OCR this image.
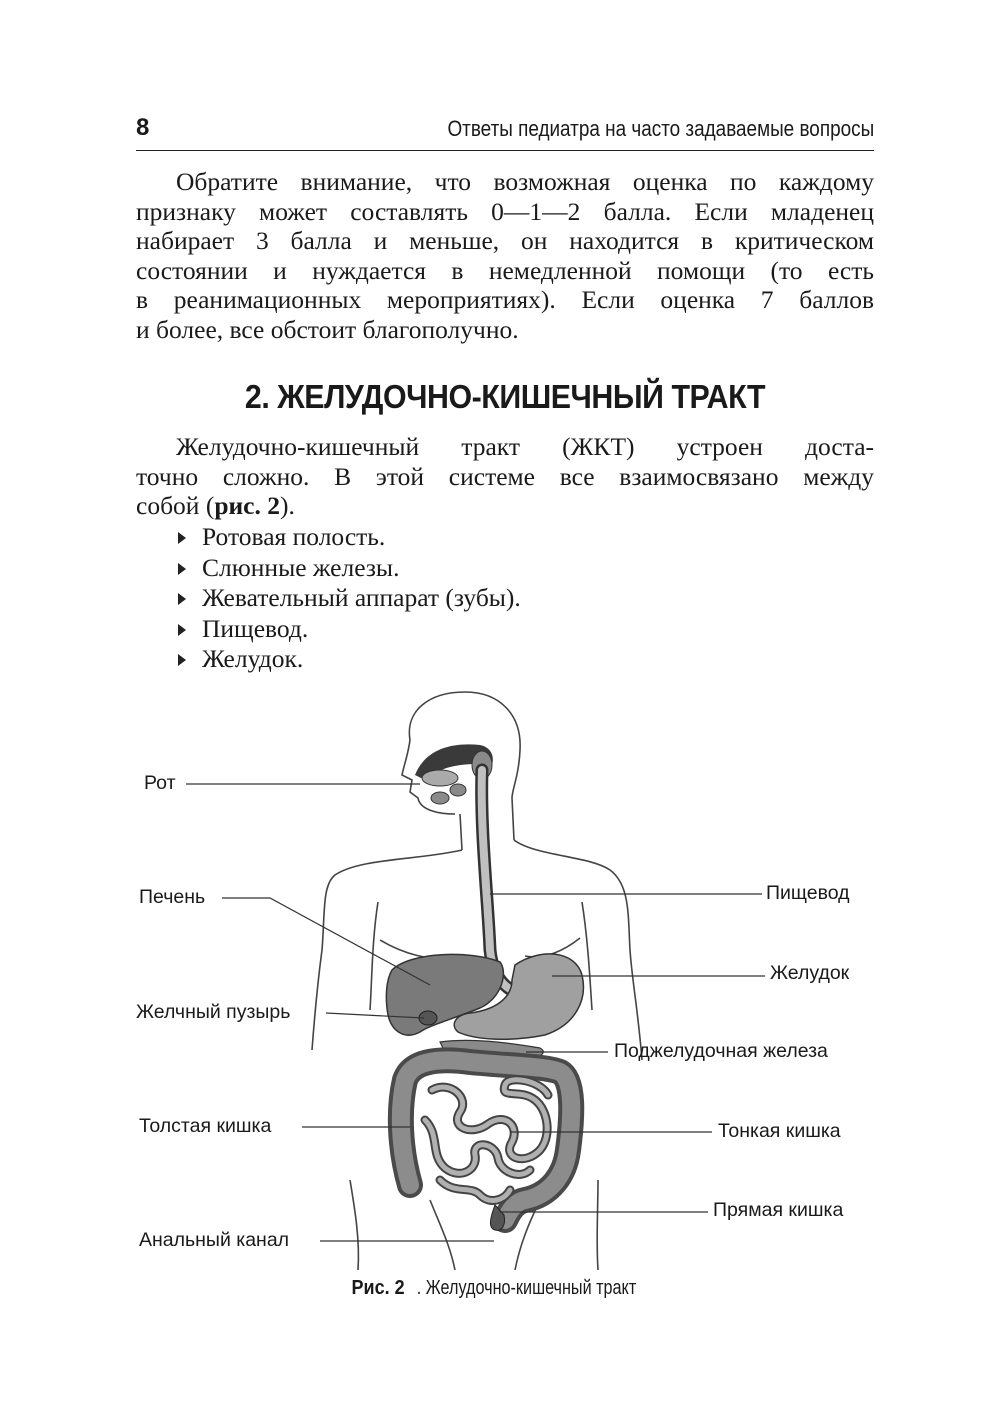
8	Ответы педиатра на часто задаваемые вопросы
Обратите внимание, что возможная оценка по каждому
признаку может составлять 0—1—2 балла. Если младенец
набирает 3 балла и меньше, он находится в критическом
состоянии и нуждается в немедленной помощи (то есть
в реанимационных мероприятиях). Если оценка 7 баллов
и более, все обстоит благополучно.
2. ЖЕЛУДОЧНО-КИШЕЧНЫЙ ТРАКТ
Желудочно-кишечный тракт (ЖКТ) устроен доста-
точно сложно. В этой системе все взаимосвязано между
собой (рис. 2).
Ротовая полость.
Слюнные железы.
Жевательный аппарат (зубы).
Пищевод.
Желудок.
Рот
Печень
Желчный пузырь
Толстая кишка
Анальный канал
Пищевод
Желудок
Поджелудочная железа
Тонкая кишка
Прямая кишка
Рис. 2 . Желудочно-кишечный тракт
